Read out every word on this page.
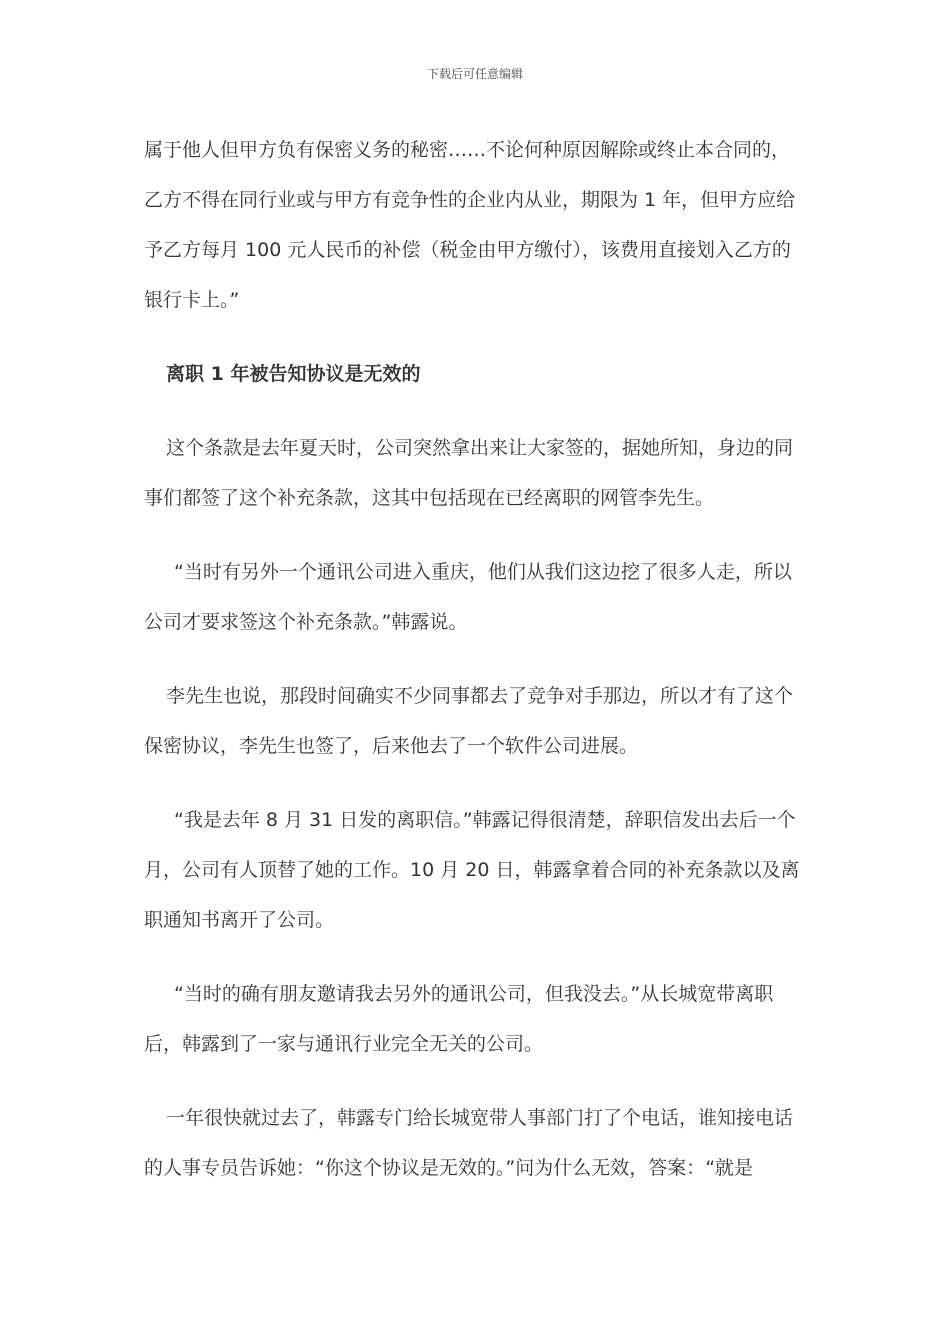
下载后可任意编辑

属于他人但甲方负有保密义务的秘密……不论何种原因解除或终止本合同的，乙方不得在同行业或与甲方有竞争性的企业内从业，期限为 1 年，但甲方应给予乙方每月 100 元人民币的补偿（税金由甲方缴付），该费用直接划入乙方的银行卡上。”

离职 1 年被告知协议是无效的

这个条款是去年夏天时，公司突然拿出来让大家签的，据她所知，身边的同事们都签了这个补充条款，这其中包括现在已经离职的网管李先生。

“当时有另外一个通讯公司进入重庆，他们从我们这边挖了很多人走，所以公司才要求签这个补充条款。”韩露说。

李先生也说，那段时间确实不少同事都去了竞争对手那边，所以才有了这个保密协议，李先生也签了，后来他去了一个软件公司进展。

“我是去年 8 月 31 日发的离职信。”韩露记得很清楚，辞职信发出去后一个月，公司有人顶替了她的工作。10 月 20 日，韩露拿着合同的补充条款以及离职通知书离开了公司。

“当时的确有朋友邀请我去另外的通讯公司，但我没去。”从长城宽带离职后，韩露到了一家与通讯行业完全无关的公司。

一年很快就过去了，韩露专门给长城宽带人事部门打了个电话，谁知接电话的人事专员告诉她：“你这个协议是无效的。”问为什么无效，答案：“就是
